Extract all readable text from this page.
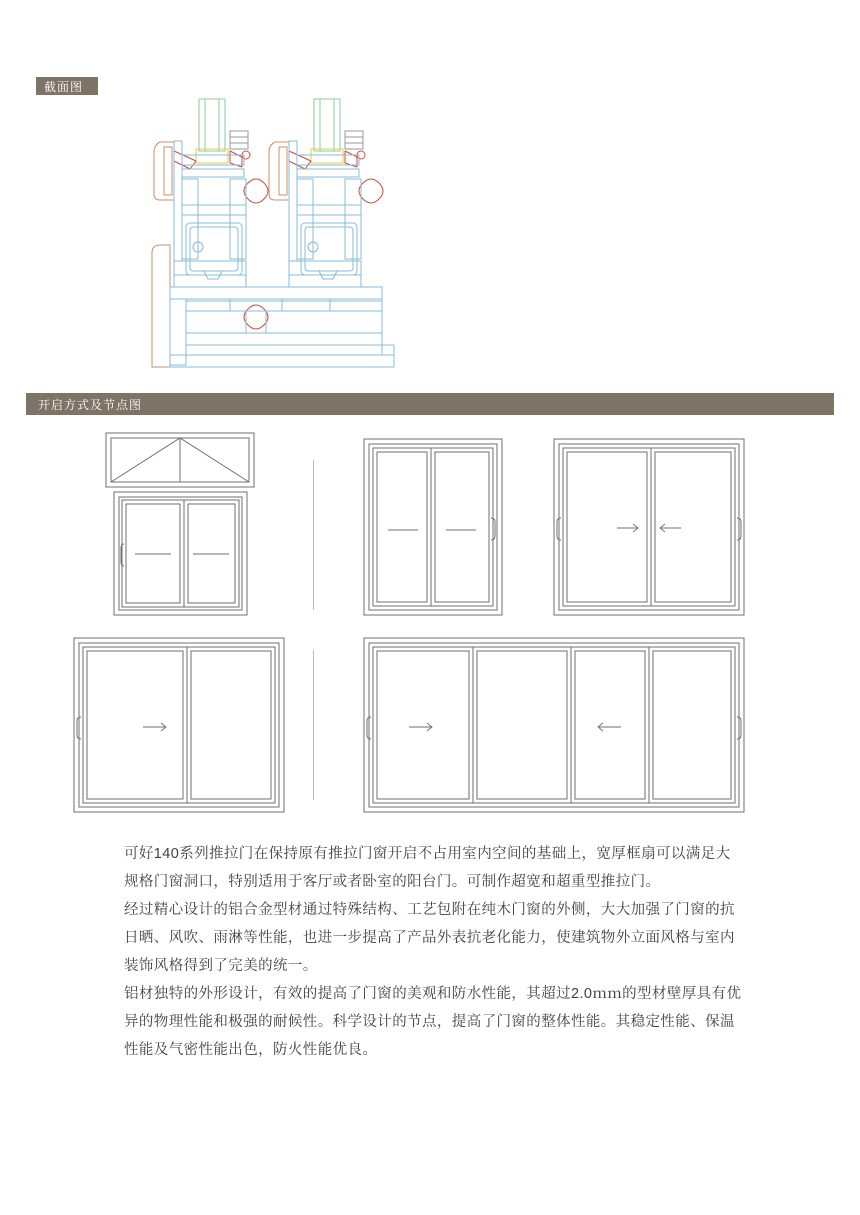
截面图
开启方式及节点图

可好140系列推拉门在保持原有推拉门窗开启不占用室内空间的基础上，宽厚框扇可以满足大规格门窗洞口，特别适用于客厅或者卧室的阳台门。可制作超宽和超重型推拉门。

经过精心设计的铝合金型材通过特殊结构、工艺包附在纯木门窗的外侧，大大加强了门窗的抗日晒、风吹、雨淋等性能，也进一步提高了产品外表抗老化能力，使建筑物外立面风格与室内装饰风格得到了完美的统一。

铝材独特的外形设计，有效的提高了门窗的美观和防水性能，其超过2.0ｍｍ的型材壁厚具有优异的物理性能和极强的耐候性。科学设计的节点，提高了门窗的整体性能。其稳定性能、保温性能及气密性能出色，防火性能优良。
